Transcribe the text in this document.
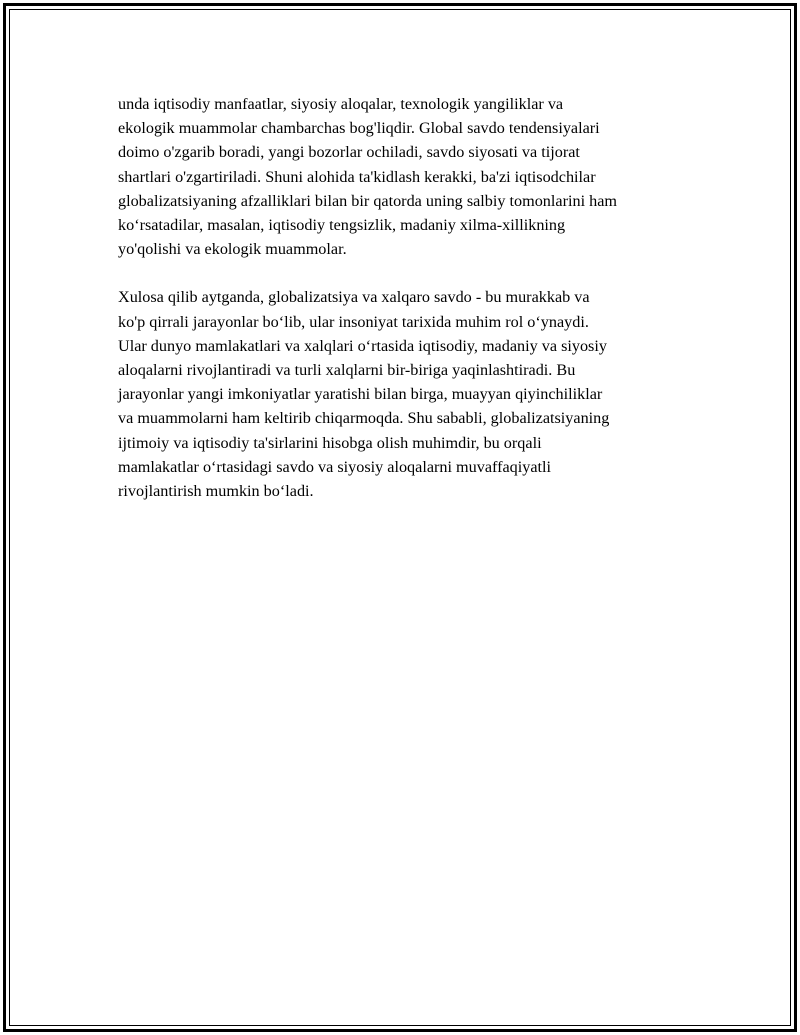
unda iqtisodiy manfaatlar, siyosiy aloqalar, texnologik yangiliklar va
ekologik muammolar chambarchas bog'liqdir. Global savdo tendensiyalari
doimo o'zgarib boradi, yangi bozorlar ochiladi, savdo siyosati va tijorat
shartlari o'zgartiriladi. Shuni alohida ta'kidlash kerakki, ba'zi iqtisodchilar
globalizatsiyaning afzalliklari bilan bir qatorda uning salbiy tomonlarini ham
ko‘rsatadilar, masalan, iqtisodiy tengsizlik, madaniy xilma-xillikning
yo'qolishi va ekologik muammolar.
Xulosa qilib aytganda, globalizatsiya va xalqaro savdo - bu murakkab va
ko'p qirrali jarayonlar bo‘lib, ular insoniyat tarixida muhim rol o‘ynaydi.
Ular dunyo mamlakatlari va xalqlari o‘rtasida iqtisodiy, madaniy va siyosiy
aloqalarni rivojlantiradi va turli xalqlarni bir-biriga yaqinlashtiradi. Bu
jarayonlar yangi imkoniyatlar yaratishi bilan birga, muayyan qiyinchiliklar
va muammolarni ham keltirib chiqarmoqda. Shu sababli, globalizatsiyaning
ijtimoiy va iqtisodiy ta'sirlarini hisobga olish muhimdir, bu orqali
mamlakatlar o‘rtasidagi savdo va siyosiy aloqalarni muvaffaqiyatli
rivojlantirish mumkin bo‘ladi.
